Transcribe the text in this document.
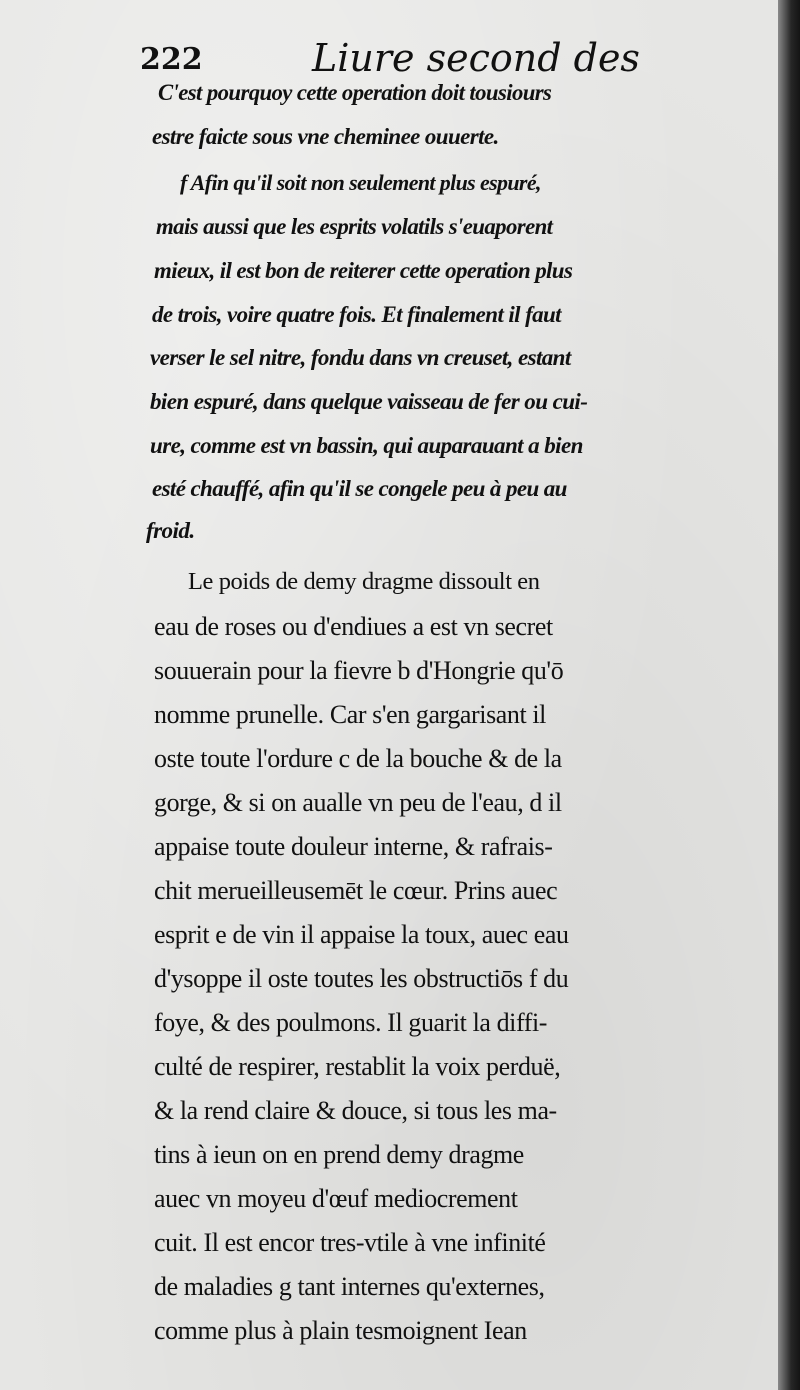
222	Liure second des

C'est pourquoy cette operation doit tousiours

estre faicte sous vne cheminee ouuerte.

f Afin qu'il soit non seulement plus espuré,

mais aussi que les esprits volatils s'euaporent

mieux, il est bon de reiterer cette operation plus

de trois, voire quatre fois. Et finalement il faut

verser le sel nitre, fondu dans vn creuset, estant

bien espuré, dans quelque vaisseau de fer ou cui-

ure, comme est vn bassin, qui auparauant a bien

esté chauffé, afin qu'il se congele peu à peu au

froid.

Le poids de demy dragme dissoult en

eau de roses ou d'endiues a est vn secret

souuerain pour la fievre b d'Hongrie qu'ō

nomme prunelle. Car s'en gargarisant il

oste toute l'ordure c de la bouche & de la

gorge, & si on aualle vn peu de l'eau, d il

appaise toute douleur interne, & rafrais-

chit merueilleusemēt le cœur. Prins auec

esprit e de vin il appaise la toux, auec eau

d'ysoppe il oste toutes les obstructiōs f du

foye, & des poulmons. Il guarit la diffi-

culté de respirer, restablit la voix perduë,

& la rend claire & douce, si tous les ma-

tins à ieun on en prend demy dragme

auec vn moyeu d'œuf mediocrement

cuit. Il est encor tres-vtile à vne infinité

de maladies g tant internes qu'externes,

comme plus à plain tesmoignent Iean
